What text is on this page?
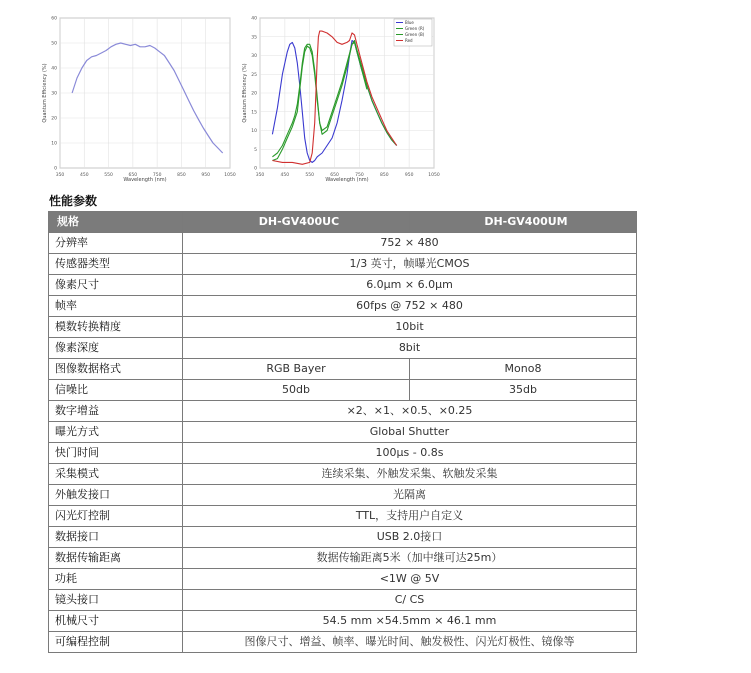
350	450	550	650	750	850	950	1050
0
10
20
30
40
50
60
Wavelength (nm)
Quantum Efficiency (%)
350	450	550	650	750	850	950	1050
0
5
10
15
20
25
30
35
40
Wavelength (nm)
Quantum Efficiency (%)
Blue
Green (R)
Green (B)
Red
性能参数
规格	DH-GV400UC	DH-GV400UM
分辨率	752 × 480	
传感器类型	1/3 英寸，帧曝光CMOS	
像素尺寸	6.0μm × 6.0μm	
帧率	60fps @ 752 × 480	
模数转换精度	10bit	
像素深度	8bit	
图像数据格式	RGB Bayer	Mono8
信噪比	50db	35db
数字增益	×2、×1、×0.5、×0.25	
曝光方式	Global Shutter	
快门时间	100μs - 0.8s	
采集模式	连续采集、外触发采集、软触发采集	
外触发接口	光隔离	
闪光灯控制	TTL，支持用户自定义	
数据接口	USB 2.0接口	
数据传输距离	数据传输距离5米（加中继可达25m）	
功耗	<1W @ 5V	
镜头接口	C/ CS	
机械尺寸	54.5 mm ×54.5mm × 46.1 mm	
可编程控制	图像尺寸、增益、帧率、曝光时间、触发极性、闪光灯极性、镜像等	
